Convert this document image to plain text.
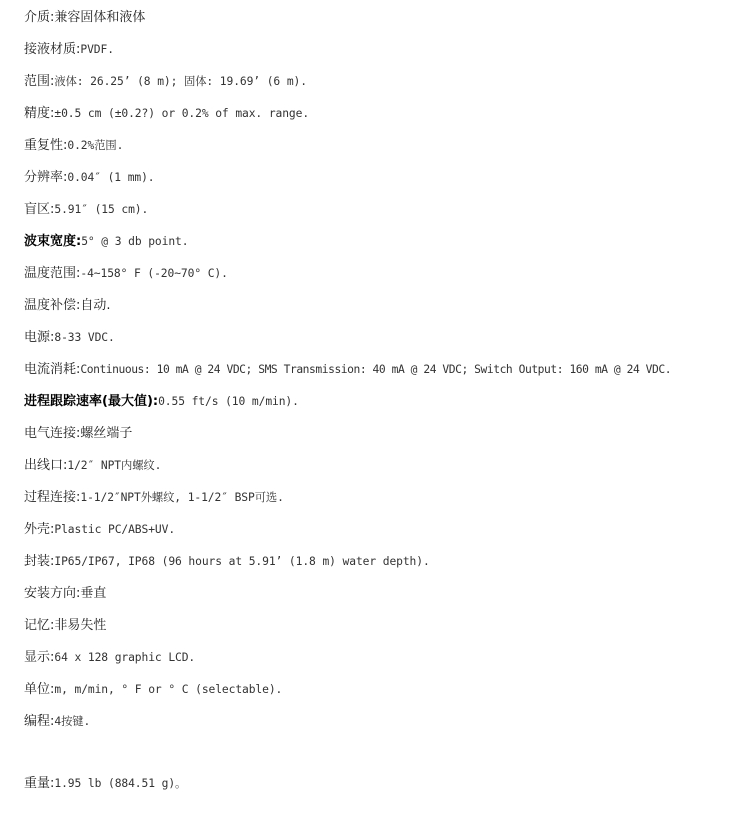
介质:兼容固体和液体
接液材质:PVDF.
范围:液体: 26.25’ (8 m); 固体: 19.69’ (6 m).
精度:±0.5 cm (±0.2?) or 0.2% of max. range.
重复性:0.2%范围.
分辨率:0.04″ (1 mm).
盲区:5.91″ (15 cm).
波束宽度:5° @ 3 db point.
温度范围:-4~158° F (-20~70° C).
温度补偿:自动.
电源:8-33 VDC.
电流消耗:Continuous: 10 mA @ 24 VDC; SMS Transmission: 40 mA @ 24 VDC; Switch Output: 160 mA @ 24 VDC.
进程跟踪速率(最大值):0.55 ft/s (10 m/min).
电气连接:螺丝端子
出线口:1/2″ NPT内螺纹.
过程连接:1-1/2″NPT外螺纹, 1-1/2″ BSP可选.
外壳:Plastic PC/ABS+UV.
封装:IP65/IP67, IP68 (96 hours at 5.91’ (1.8 m) water depth).
安装方向:垂直
记忆:非易失性
显示:64 x 128 graphic LCD.
单位:m, m/min, ° F or ° C (selectable).
编程:4按键.
重量:1.95 lb (884.51 g)。
